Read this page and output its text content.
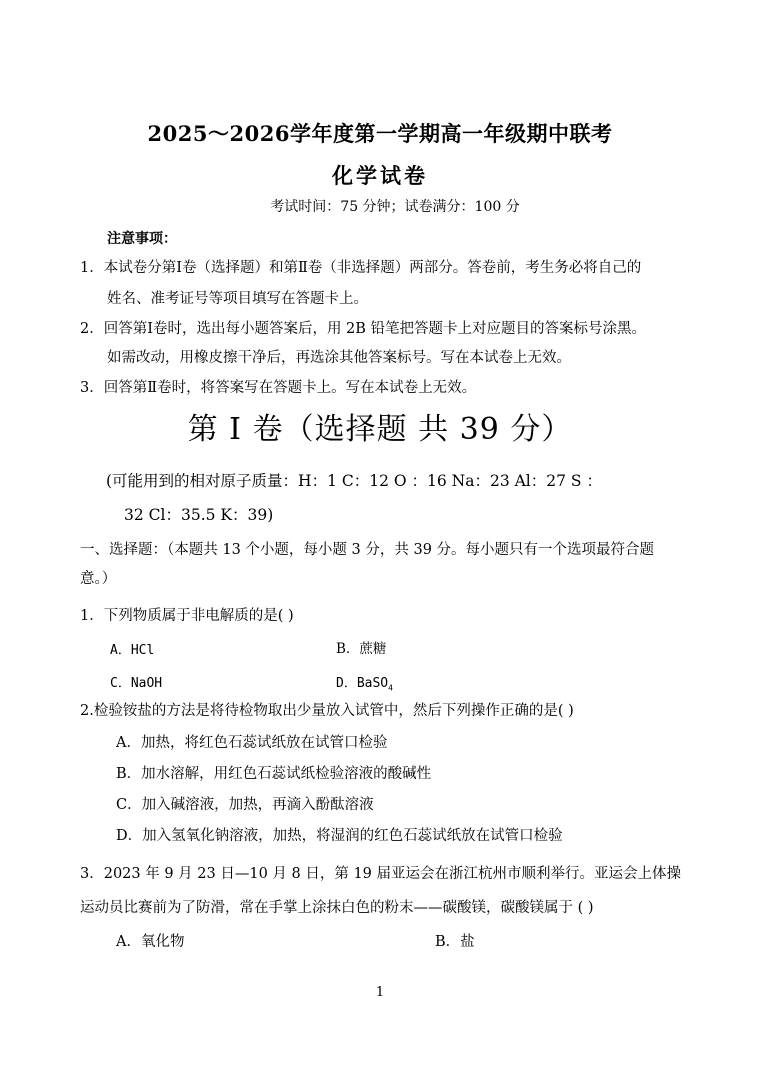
2025～2026学年度第一学期高一年级期中联考
化学试卷
考试时间：75 分钟；试卷满分：100 分
注意事项：
1．本试卷分第Ⅰ卷（选择题）和第Ⅱ卷（非选择题）两部分。答卷前，考生务必将自己的
姓名、准考证号等项目填写在答题卡上。
2．回答第Ⅰ卷时，选出每小题答案后，用 2B 铅笔把答题卡上对应题目的答案标号涂黑。
如需改动，用橡皮擦干净后，再选涂其他答案标号。写在本试卷上无效。
3．回答第Ⅱ卷时，将答案写在答题卡上。写在本试卷上无效。
第 I 卷（选择题 共 39 分）
(可能用到的相对原子质量：H：1 C：12 O ：16 Na：23 Al：27 S ：
32 Cl：35.5 K：39)
一、选择题：（本题共 13 个小题，每小题 3 分，共 39 分。每小题只有一个选项最符合题
意。）
1．下列物质属于非电解质的是( )
A．HCl	B．蔗糖
C．NaOH	D．BaSO$_4$
2.检验铵盐的方法是将待检物取出少量放入试管中，然后下列操作正确的是( )
A．加热，将红色石蕊试纸放在试管口检验
B．加水溶解，用红色石蕊试纸检验溶液的酸碱性
C．加入碱溶液，加热，再滴入酚酞溶液
D．加入氢氧化钠溶液，加热，将湿润的红色石蕊试纸放在试管口检验
3．2023 年 9 月 23 日—10 月 8 日，第 19 届亚运会在浙江杭州市顺利举行。亚运会上体操
运动员比赛前为了防滑，常在手掌上涂抹白色的粉末——碳酸镁，碳酸镁属于 ( )
A．氧化物	B．盐
1
